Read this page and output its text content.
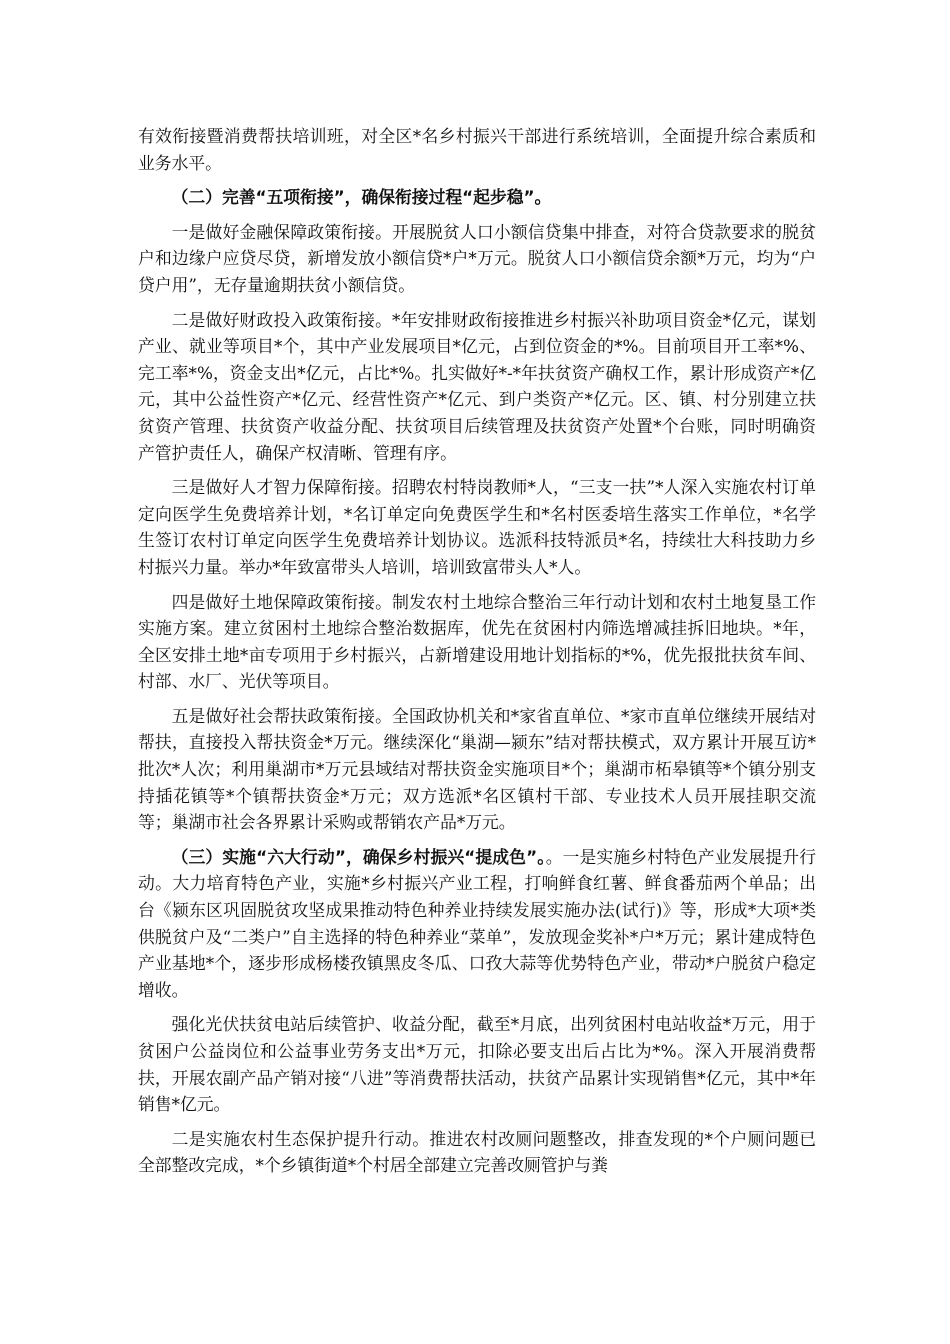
有效衔接暨消费帮扶培训班，对全区*名乡村振兴干部进行系统培训，全面提升综合素质和业务水平。

（二）完善“五项衔接”，确保衔接过程“起步稳”。

一是做好金融保障政策衔接。开展脱贫人口小额信贷集中排查，对符合贷款要求的脱贫户和边缘户应贷尽贷，新增发放小额信贷*户*万元。脱贫人口小额信贷余额*万元，均为“户贷户用”，无存量逾期扶贫小额信贷。

二是做好财政投入政策衔接。*年安排财政衔接推进乡村振兴补助项目资金*亿元，谋划产业、就业等项目*个，其中产业发展项目*亿元，占到位资金的*%。目前项目开工率*%、完工率*%，资金支出*亿元，占比*%。扎实做好*-*年扶贫资产确权工作，累计形成资产*亿元，其中公益性资产*亿元、经营性资产*亿元、到户类资产*亿元。区、镇、村分别建立扶贫资产管理、扶贫资产收益分配、扶贫项目后续管理及扶贫资产处置*个台账，同时明确资产管护责任人，确保产权清晰、管理有序。

三是做好人才智力保障衔接。招聘农村特岗教师*人，“三支一扶”*人深入实施农村订单定向医学生免费培养计划，*名订单定向免费医学生和*名村医委培生落实工作单位，*名学生签订农村订单定向医学生免费培养计划协议。选派科技特派员*名，持续壮大科技助力乡村振兴力量。举办*年致富带头人培训，培训致富带头人*人。

四是做好土地保障政策衔接。制发农村土地综合整治三年行动计划和农村土地复垦工作实施方案。建立贫困村土地综合整治数据库，优先在贫困村内筛选增减挂拆旧地块。*年，全区安排土地*亩专项用于乡村振兴，占新增建设用地计划指标的*%，优先报批扶贫车间、村部、水厂、光伏等项目。

五是做好社会帮扶政策衔接。全国政协机关和*家省直单位、*家市直单位继续开展结对帮扶，直接投入帮扶资金*万元。继续深化“巢湖—颍东”结对帮扶模式，双方累计开展互访*批次*人次；利用巢湖市*万元县域结对帮扶资金实施项目*个；巢湖市柘皋镇等*个镇分别支持插花镇等*个镇帮扶资金*万元；双方选派*名区镇村干部、专业技术人员开展挂职交流等；巢湖市社会各界累计采购或帮销农产品*万元。

（三）实施“六大行动”，确保乡村振兴“提成色”。。一是实施乡村特色产业发展提升行动。大力培育特色产业，实施*乡村振兴产业工程，打响鲜食红薯、鲜食番茄两个单品；出台《颍东区巩固脱贫攻坚成果推动特色种养业持续发展实施办法(试行)》等，形成*大项*类供脱贫户及“二类户”自主选择的特色种养业“菜单”，发放现金奖补*户*万元；累计建成特色产业基地*个，逐步形成杨楼孜镇黑皮冬瓜、口孜大蒜等优势特色产业，带动*户脱贫户稳定增收。

强化光伏扶贫电站后续管护、收益分配，截至*月底，出列贫困村电站收益*万元，用于贫困户公益岗位和公益事业劳务支出*万元，扣除必要支出后占比为*%。深入开展消费帮扶，开展农副产品产销对接“八进”等消费帮扶活动，扶贫产品累计实现销售*亿元，其中*年销售*亿元。

二是实施农村生态保护提升行动。推进农村改厕问题整改，排查发现的*个户厕问题已全部整改完成，*个乡镇街道*个村居全部建立完善改厕管护与粪
